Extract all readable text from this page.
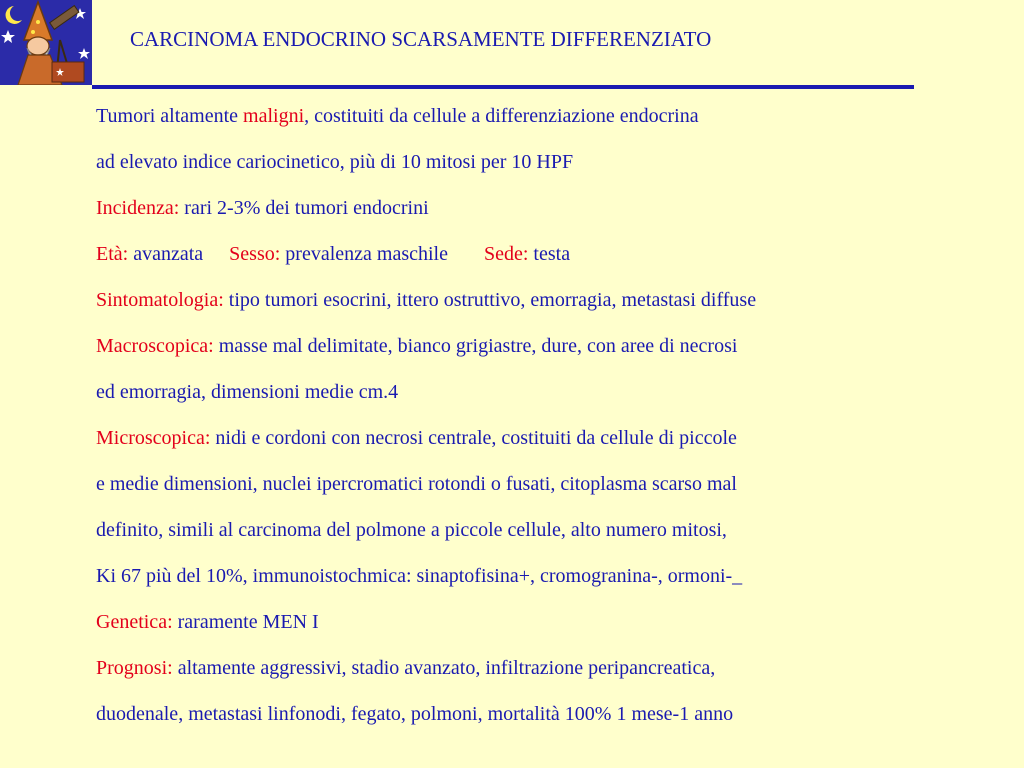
CARCINOMA ENDOCRINO SCARSAMENTE DIFFERENZIATO
Tumori altamente maligni, costituiti da cellule a differenziazione endocrina
ad elevato indice cariocinetico, più di 10 mitosi per 10 HPF
Incidenza: rari 2-3% dei tumori endocrini
Età: avanzata Sesso: prevalenza maschile Sede: testa
Sintomatologia: tipo tumori esocrini, ittero ostruttivo, emorragia, metastasi diffuse
Macroscopica: masse mal delimitate, bianco grigiastre, dure, con aree di necrosi
ed emorragia, dimensioni medie cm.4
Microscopica: nidi e cordoni con necrosi centrale, costituiti da cellule di piccole
e medie dimensioni, nuclei ipercromatici rotondi o fusati, citoplasma scarso mal
definito, simili al carcinoma del polmone a piccole cellule, alto numero mitosi,
Ki 67 più del 10%, immunoistochmica: sinaptofisina+, cromogranina-, ormoni-_
Genetica: raramente MEN I
Prognosi: altamente aggressivi, stadio avanzato, infiltrazione peripancreatica,
duodenale, metastasi linfonodi, fegato, polmoni, mortalità 100% 1 mese-1 anno
